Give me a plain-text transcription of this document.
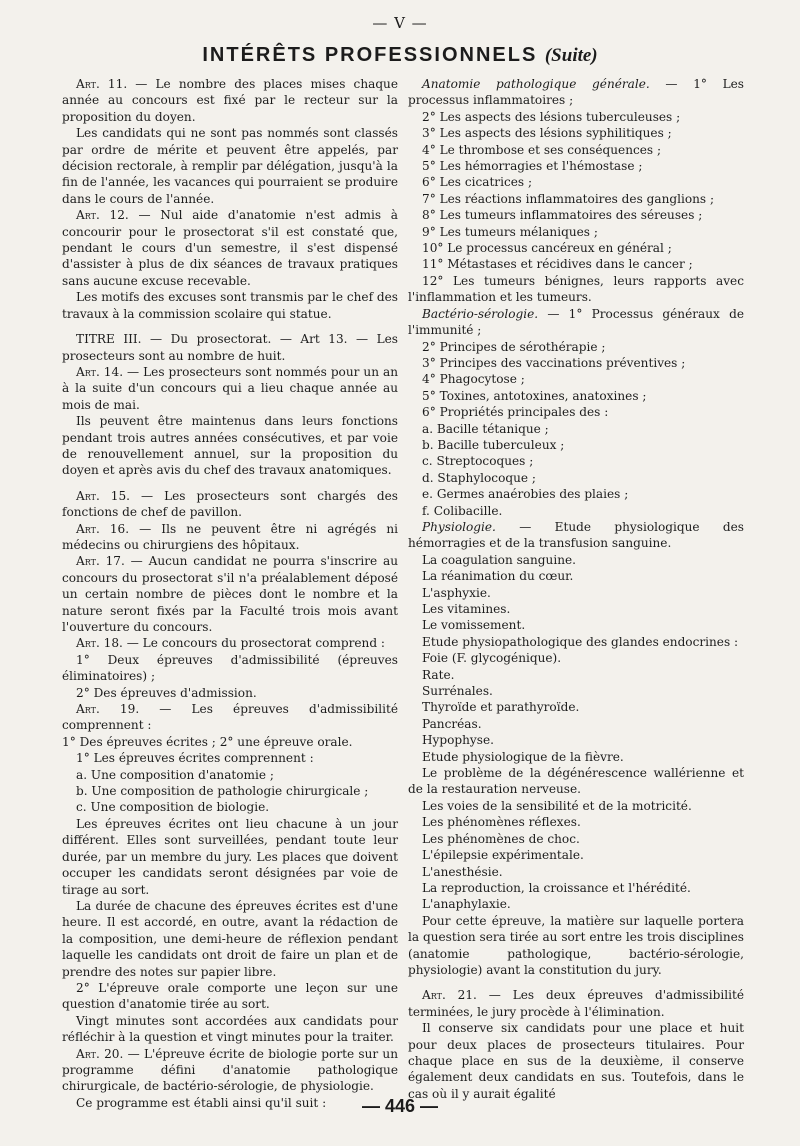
— V —
INTÉRÊTS PROFESSIONNELS (Suite)

Art. 11. — Le nombre des places mises chaque année au concours est fixé par le recteur sur la proposition du doyen.

Les candidats qui ne sont pas nommés sont classés par ordre de mérite et peuvent être appelés, par décision rectorale, à remplir par délégation, jusqu'à la fin de l'année, les vacances qui pourraient se produire dans le cours de l'année.

Art. 12. — Nul aide d'anatomie n'est admis à concourir pour le prosectorat s'il est constaté que, pendant le cours d'un semestre, il s'est dispensé d'assister à plus de dix séances de travaux pratiques sans aucune excuse recevable.

Les motifs des excuses sont transmis par le chef des travaux à la commission scolaire qui statue.

TITRE III. — Du prosectorat. — Art 13. — Les prosecteurs sont au nombre de huit.

Art. 14. — Les prosecteurs sont nommés pour un an à la suite d'un concours qui a lieu chaque année au mois de mai.

Ils peuvent être maintenus dans leurs fonctions pendant trois autres années consécutives, et par voie de renouvellement annuel, sur la proposition du doyen et après avis du chef des travaux anatomiques.

Art. 15. — Les prosecteurs sont chargés des fonctions de chef de pavillon.

Art. 16. — Ils ne peuvent être ni agrégés ni médecins ou chirurgiens des hôpitaux.

Art. 17. — Aucun candidat ne pourra s'inscrire au concours du prosectorat s'il n'a préalablement déposé un certain nombre de pièces dont le nombre et la nature seront fixés par la Faculté trois mois avant l'ouverture du concours.

Art. 18. — Le concours du prosectorat comprend :

1° Deux épreuves d'admissibilité (épreuves éliminatoires) ;

2° Des épreuves d'admission.

Art. 19. — Les épreuves d'admissibilité comprennent :

1° Des épreuves écrites ; 2° une épreuve orale.

1° Les épreuves écrites comprennent :

a. Une composition d'anatomie ;

b. Une composition de pathologie chirurgicale ;

c. Une composition de biologie.

Les épreuves écrites ont lieu chacune à un jour différent. Elles sont surveillées, pendant toute leur durée, par un membre du jury. Les places que doivent occuper les candidats seront désignées par voie de tirage au sort.

La durée de chacune des épreuves écrites est d'une heure. Il est accordé, en outre, avant la rédaction de la composition, une demi-heure de réflexion pendant laquelle les candidats ont droit de faire un plan et de prendre des notes sur papier libre.

2° L'épreuve orale comporte une leçon sur une question d'anatomie tirée au sort.

Vingt minutes sont accordées aux candidats pour réfléchir à la question et vingt minutes pour la traiter.

Art. 20. — L'épreuve écrite de biologie porte sur un programme défini d'anatomie pathologique chirurgicale, de bactério-sérologie, de physiologie.

Ce programme est établi ainsi qu'il suit :

Anatomie pathologique générale. — 1° Les processus inflammatoires ;

2° Les aspects des lésions tuberculeuses ;

3° Les aspects des lésions syphilitiques ;

4° Le thrombose et ses conséquences ;

5° Les hémorragies et l'hémostase ;

6° Les cicatrices ;

7° Les réactions inflammatoires des ganglions ;

8° Les tumeurs inflammatoires des séreuses ;

9° Les tumeurs mélaniques ;

10° Le processus cancéreux en général ;

11° Métastases et récidives dans le cancer ;

12° Les tumeurs bénignes, leurs rapports avec l'inflammation et les tumeurs.

Bactério-sérologie. — 1° Processus généraux de l'immunité ;

2° Principes de sérothérapie ;

3° Principes des vaccinations préventives ;

4° Phagocytose ;

5° Toxines, antotoxines, anatoxines ;

6° Propriétés principales des :

a. Bacille tétanique ;

b. Bacille tuberculeux ;

c. Streptocoques ;

d. Staphylocoque ;

e. Germes anaérobies des plaies ;

f. Colibacille.

Physiologie. — Etude physiologique des hémorragies et de la transfusion sanguine.

La coagulation sanguine.

La réanimation du cœur.

L'asphyxie.

Les vitamines.

Le vomissement.

Etude physiopathologique des glandes endocrines :

Foie (F. glycogénique).

Rate.

Surrénales.

Thyroïde et parathyroïde.

Pancréas.

Hypophyse.

Etude physiologique de la fièvre.

Le problème de la dégénérescence wallérienne et de la restauration nerveuse.

Les voies de la sensibilité et de la motricité.

Les phénomènes réflexes.

Les phénomènes de choc.

L'épilepsie expérimentale.

L'anesthésie.

La reproduction, la croissance et l'hérédité.

L'anaphylaxie.

Pour cette épreuve, la matière sur laquelle portera la question sera tirée au sort entre les trois disciplines (anatomie pathologique, bactério-sérologie, physiologie) avant la constitution du jury.

Art. 21. — Les deux épreuves d'admissibilité terminées, le jury procède à l'élimination.

Il conserve six candidats pour une place et huit pour deux places de prosecteurs titulaires. Pour chaque place en sus de la deuxième, il conserve également deux candidats en sus. Toutefois, dans le cas où il y aurait égalité

— 446 —
